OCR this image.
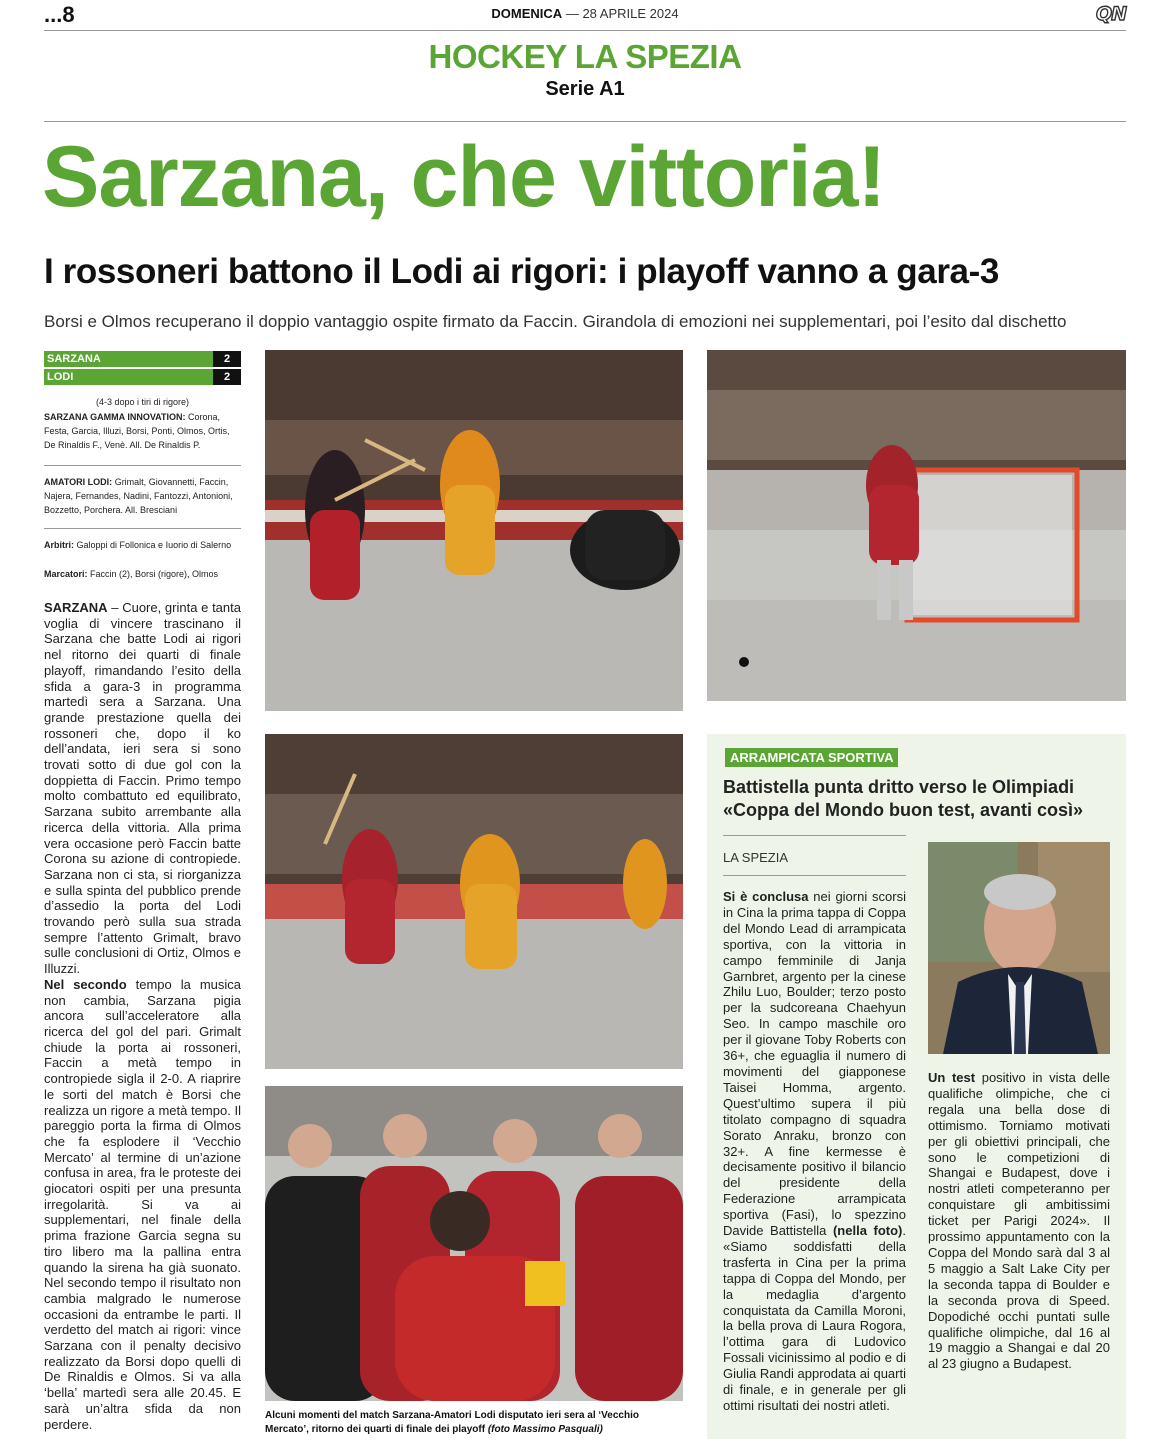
...8	DOMENICA — 28 APRILE 2024	QN
HOCKEY LA SPEZIA
Serie A1
Sarzana, che vittoria!
I rossoneri battono il Lodi ai rigori: i playoff vanno a gara-3
Borsi e Olmos recuperano il doppio vantaggio ospite firmato da Faccin. Girandola di emozioni nei supplementari, poi l’esito dal dischetto
SARZANA	2
LODI	2
(4-3 dopo i tiri di rigore)
SARZANA GAMMA INNOVATION: Corona, Festa, Garcia, Illuzi, Borsi, Ponti, Olmos, Ortis, De Rinaldis F., Venè. All. De Rinaldis P.
AMATORI LODI: Grimalt, Giovannetti, Faccin, Najera, Fernandes, Nadini, Fantozzi, Antonioni, Bozzetto, Porchera. All. Bresciani
Arbitri: Galoppi di Follonica e Iuorio di Salerno
Marcatori: Faccin (2), Borsi (rigore), Olmos

SARZANA – Cuore, grinta e tanta voglia di vincere trascinano il Sarzana che batte Lodi ai rigori nel ritorno dei quarti di finale playoff, rimandando l’esito della sfida a gara-3 in programma martedì sera a Sarzana. Una grande prestazione quella dei rossoneri che, dopo il ko dell’andata, ieri sera si sono trovati sotto di due gol con la doppietta di Faccin. Primo tempo molto combattuto ed equilibrato, Sarzana subito arrembante alla ricerca della vittoria. Alla prima vera occasione però Faccin batte Corona su azione di contropiede. Sarzana non ci sta, si riorganizza e sulla spinta del pubblico prende d’assedio la porta del Lodi trovando però sulla sua strada sempre l’attento Grimalt, bravo sulle conclusioni di Ortiz, Olmos e Illuzzi.

Nel secondo tempo la musica non cambia, Sarzana pigia ancora sull’acceleratore alla ricerca del gol del pari. Grimalt chiude la porta ai rossoneri, Faccin a metà tempo in contropiede sigla il 2-0. A riaprire le sorti del match è Borsi che realizza un rigore a metà tempo. Il pareggio porta la firma di Olmos che fa esplodere il ‘Vecchio Mercato’ al termine di un’azione confusa in area, fra le proteste dei giocatori ospiti per una presunta irregolarità. Si va ai supplementari, nel finale della prima frazione Garcia segna su tiro libero ma la pallina entra quando la sirena ha già suonato. Nel secondo tempo il risultato non cambia malgrado le numerose occasioni da entrambe le parti. Il verdetto del match ai rigori: vince Sarzana con il penalty decisivo realizzato da Borsi dopo quelli di De Rinaldis e Olmos. Si va alla ‘bella’ martedì sera alle 20.45. E sarà un’altra sfida da non perdere.

Alcuni momenti del match Sarzana-Amatori Lodi disputato ieri sera al ‘Vecchio Mercato’, ritorno dei quarti di finale dei playoff (foto Massimo Pasquali)
ARRAMPICATA SPORTIVA
Battistella punta dritto verso le Olimpiadi «Coppa del Mondo buon test, avanti così»
LA SPEZIA
Si è conclusa nei giorni scorsi in Cina la prima tappa di Coppa del Mondo Lead di arrampicata sportiva, con la vittoria in campo femminile di Janja Garnbret, argento per la cinese Zhilu Luo, Boulder; terzo posto per la sudcoreana Chaehyun Seo. In campo maschile oro per il giovane Toby Roberts con 36+, che eguaglia il numero di movimenti del giapponese Taisei Homma, argento. Quest’ultimo supera il più titolato compagno di squadra Sorato Anraku, bronzo con 32+. A fine kermesse è decisamente positivo il bilancio del presidente della Federazione arrampicata sportiva (Fasi), lo spezzino Davide Battistella (nella foto). «Siamo soddisfatti della trasferta in Cina per la prima tappa di Coppa del Mondo, per la medaglia d’argento conquistata da Camilla Moroni, la bella prova di Laura Rogora, l’ottima gara di Ludovico Fossali vicinissimo al podio e di Giulia Randi approdata ai quarti di finale, e in generale per gli ottimi risultati dei nostri atleti.
Un test positivo in vista delle qualifiche olimpiche, che ci regala una bella dose di ottimismo. Torniamo motivati per gli obiettivi principali, che sono le competizioni di Shangai e Budapest, dove i nostri atleti competeranno per conquistare gli ambitissimi ticket per Parigi 2024». Il prossimo appuntamento con la Coppa del Mondo sarà dal 3 al 5 maggio a Salt Lake City per la seconda tappa di Boulder e la seconda prova di Speed. Dopodiché occhi puntati sulle qualifiche olimpiche, dal 16 al 19 maggio a Shangai e dal 20 al 23 giugno a Budapest.
